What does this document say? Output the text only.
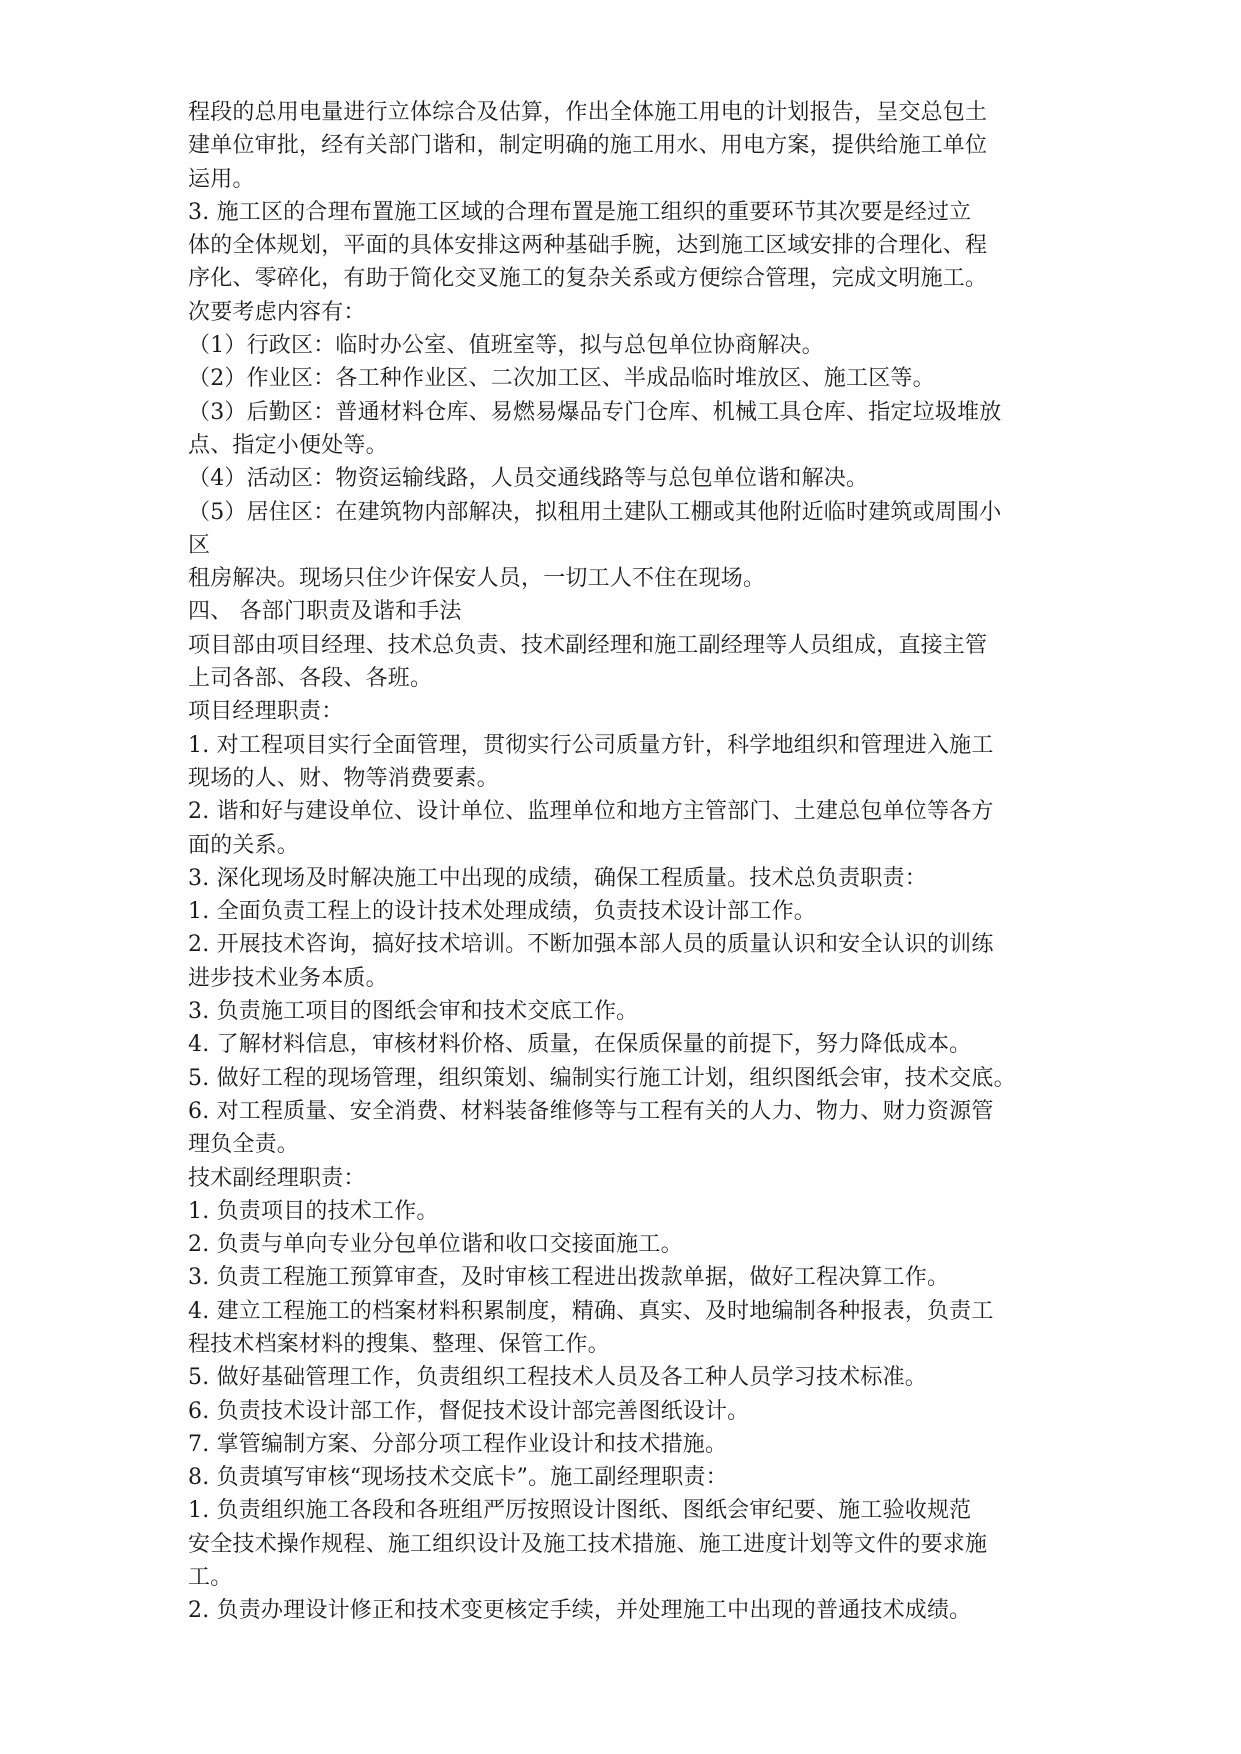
程段的总用电量进行立体综合及估算，作出全体施工用电的计划报告，呈交总包土
建单位审批，经有关部门谐和，制定明确的施工用水、用电方案，提供给施工单位
运用。
3. 施工区的合理布置施工区域的合理布置是施工组织的重要环节其次要是经过立
体的全体规划，平面的具体安排这两种基础手腕，达到施工区域安排的合理化、程
序化、零碎化，有助于简化交叉施工的复杂关系或方便综合管理，完成文明施工。
次要考虑内容有：
（1）行政区：临时办公室、值班室等，拟与总包单位协商解决。
（2）作业区：各工种作业区、二次加工区、半成品临时堆放区、施工区等。
（3）后勤区：普通材料仓库、易燃易爆品专门仓库、机械工具仓库、指定垃圾堆放
点、指定小便处等。
（4）活动区：物资运输线路，人员交通线路等与总包单位谐和解决。
（5）居住区：在建筑物内部解决，拟租用土建队工棚或其他附近临时建筑或周围小
区
租房解决。现场只住少许保安人员，一切工人不住在现场。
四、 各部门职责及谐和手法
项目部由项目经理、技术总负责、技术副经理和施工副经理等人员组成，直接主管
上司各部、各段、各班。
项目经理职责：
1. 对工程项目实行全面管理，贯彻实行公司质量方针，科学地组织和管理进入施工
现场的人、财、物等消费要素。
2. 谐和好与建设单位、设计单位、监理单位和地方主管部门、土建总包单位等各方
面的关系。
3. 深化现场及时解决施工中出现的成绩，确保工程质量。技术总负责职责：
1. 全面负责工程上的设计技术处理成绩，负责技术设计部工作。
2. 开展技术咨询，搞好技术培训。不断加强本部人员的质量认识和安全认识的训练
进步技术业务本质。
3. 负责施工项目的图纸会审和技术交底工作。
4. 了解材料信息，审核材料价格、质量，在保质保量的前提下，努力降低成本。
5. 做好工程的现场管理，组织策划、编制实行施工计划，组织图纸会审，技术交底。
6. 对工程质量、安全消费、材料装备维修等与工程有关的人力、物力、财力资源管
理负全责。
技术副经理职责：
1. 负责项目的技术工作。
2. 负责与单向专业分包单位谐和收口交接面施工。
3. 负责工程施工预算审查，及时审核工程进出拨款单据，做好工程决算工作。
4. 建立工程施工的档案材料积累制度，精确、真实、及时地编制各种报表，负责工
程技术档案材料的搜集、整理、保管工作。
5. 做好基础管理工作，负责组织工程技术人员及各工种人员学习技术标准。
6. 负责技术设计部工作，督促技术设计部完善图纸设计。
7. 掌管编制方案、分部分项工程作业设计和技术措施。
8. 负责填写审核“现场技术交底卡”。施工副经理职责：
1. 负责组织施工各段和各班组严厉按照设计图纸、图纸会审纪要、施工验收规范
安全技术操作规程、施工组织设计及施工技术措施、施工进度计划等文件的要求施
工。
2. 负责办理设计修正和技术变更核定手续，并处理施工中出现的普通技术成绩。
